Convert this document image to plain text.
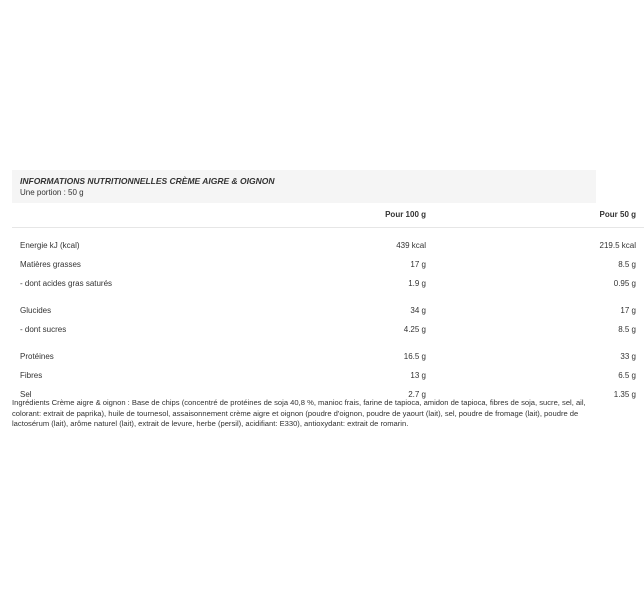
INFORMATIONS NUTRITIONNELLES CRÈME AIGRE & OIGNON
Une portion : 50 g
	Pour 100 g	Pour 50 g

Energie kJ (kcal)	439 kcal	219.5 kcal
Matières grasses	17 g	8.5 g
- dont acides gras saturés	1.9 g	0.95 g

Glucides	34 g	17 g
- dont sucres	4.25 g	8.5 g

Protéines	16.5 g	33 g
Fibres	13 g	6.5 g
Sel	2.7 g	1.35 g
Ingrédients Crème aigre & oignon : Base de chips (concentré de protéines de soja 40,8 %, manioc frais, farine de tapioca, amidon de tapioca, fibres de soja, sucre, sel, ail, colorant: extrait de paprika), huile de tournesol, assaisonnement crème aigre et oignon (poudre d'oignon, poudre de yaourt (lait), sel, poudre de fromage (lait), poudre de lactosérum (lait), arôme naturel (lait), extrait de levure, herbe (persil), acidifiant: E330), antioxydant: extrait de romarin.
